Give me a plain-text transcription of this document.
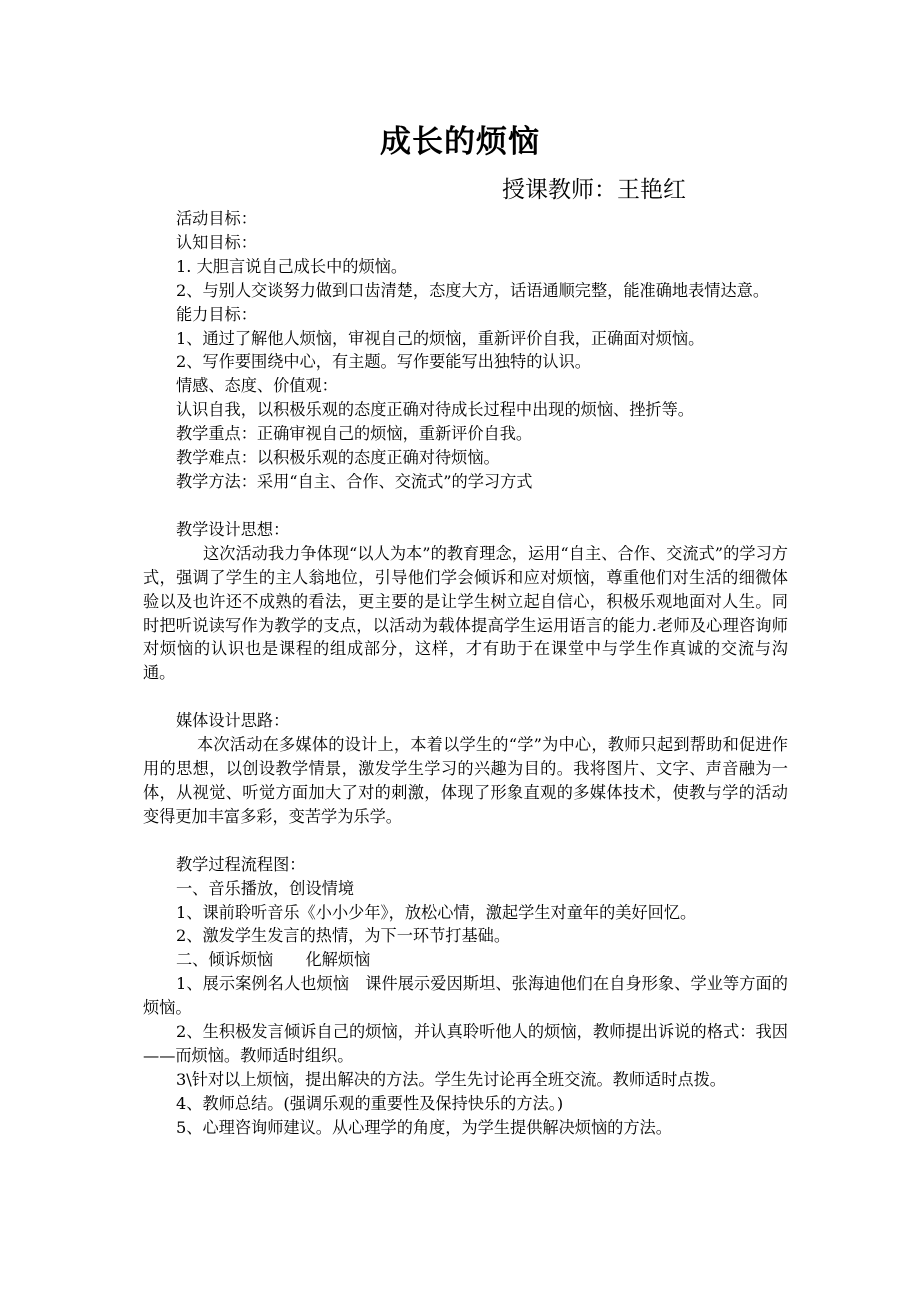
成长的烦恼
授课教师：王艳红

活动目标：

认知目标：

1. 大胆言说自己成长中的烦恼。

2、与别人交谈努力做到口齿清楚，态度大方，话语通顺完整，能准确地表情达意。

能力目标：

1、通过了解他人烦恼，审视自己的烦恼，重新评价自我，正确面对烦恼。

2、写作要围绕中心，有主题。写作要能写出独特的认识。

情感、态度、价值观：

认识自我，以积极乐观的态度正确对待成长过程中出现的烦恼、挫折等。

教学重点：正确审视自己的烦恼，重新评价自我。

教学难点：以积极乐观的态度正确对待烦恼。

教学方法：采用“自主、合作、交流式”的学习方式

教学设计思想：

这次活动我力争体现“以人为本”的教育理念，运用“自主、合作、交流式”的学习方式，强调了学生的主人翁地位，引导他们学会倾诉和应对烦恼，尊重他们对生活的细微体验以及也许还不成熟的看法，更主要的是让学生树立起自信心，积极乐观地面对人生。同时把听说读写作为教学的支点，以活动为载体提高学生运用语言的能力.老师及心理咨询师对烦恼的认识也是课程的组成部分，这样，才有助于在课堂中与学生作真诚的交流与沟通。

媒体设计思路：

本次活动在多媒体的设计上，本着以学生的“学”为中心，教师只起到帮助和促进作用的思想，以创设教学情景，激发学生学习的兴趣为目的。我将图片、文字、声音融为一体，从视觉、听觉方面加大了对的刺激，体现了形象直观的多媒体技术，使教与学的活动变得更加丰富多彩，变苦学为乐学。

教学过程流程图：

一、音乐播放，创设情境

1、课前聆听音乐《小小少年》，放松心情，激起学生对童年的美好回忆。

2、激发学生发言的热情，为下一环节打基础。

二、倾诉烦恼　　化解烦恼

1、展示案例名人也烦恼　课件展示爱因斯坦、张海迪他们在自身形象、学业等方面的烦恼。

2、生积极发言倾诉自己的烦恼，并认真聆听他人的烦恼，教师提出诉说的格式：我因——而烦恼。教师适时组织。

3\针对以上烦恼，提出解决的方法。学生先讨论再全班交流。教师适时点拨。

4、教师总结。(强调乐观的重要性及保持快乐的方法。)

5、心理咨询师建议。从心理学的角度，为学生提供解决烦恼的方法。
